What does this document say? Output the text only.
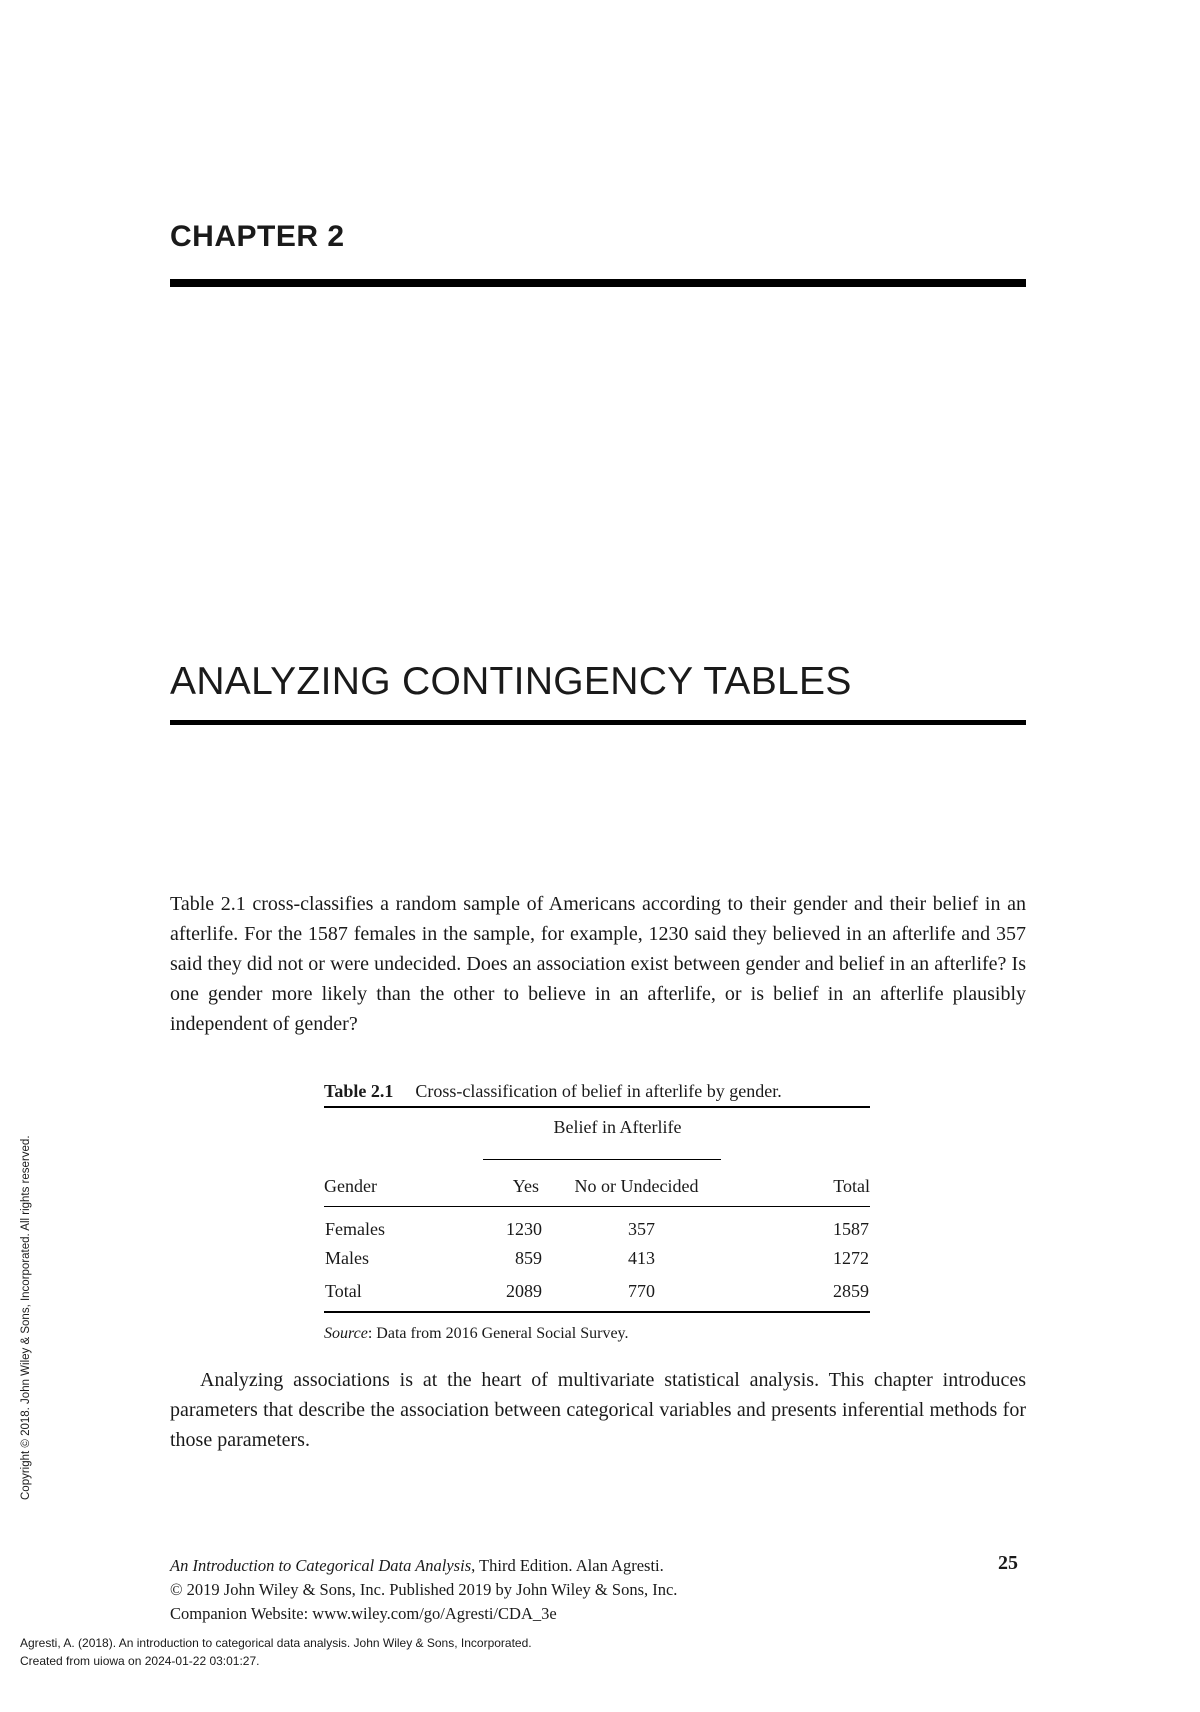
CHAPTER 2
ANALYZING CONTINGENCY TABLES
Table 2.1 cross-classifies a random sample of Americans according to their gender and their belief in an afterlife. For the 1587 females in the sample, for example, 1230 said they believed in an afterlife and 357 said they did not or were undecided. Does an association exist between gender and belief in an afterlife? Is one gender more likely than the other to believe in an afterlife, or is belief in an afterlife plausibly independent of gender?
Table 2.1 Cross-classification of belief in afterlife by gender.
	Belief in Afterlife		

Gender	Yes	No or Undecided	Total
Females	1230	357	1587
Males	859	413	1272
Total	2089	770	2859
Source: Data from 2016 General Social Survey.
Analyzing associations is at the heart of multivariate statistical analysis. This chapter introduces parameters that describe the association between categorical variables and presents inferential methods for those parameters.
An Introduction to Categorical Data Analysis, Third Edition. Alan Agresti.
© 2019 John Wiley & Sons, Inc. Published 2019 by John Wiley & Sons, Inc.
Companion Website: www.wiley.com/go/Agresti/CDA_3e
25
Copyright © 2018. John Wiley & Sons, Incorporated. All rights reserved.
Agresti, A. (2018). An introduction to categorical data analysis. John Wiley & Sons, Incorporated.
Created from uiowa on 2024-01-22 03:01:27.
